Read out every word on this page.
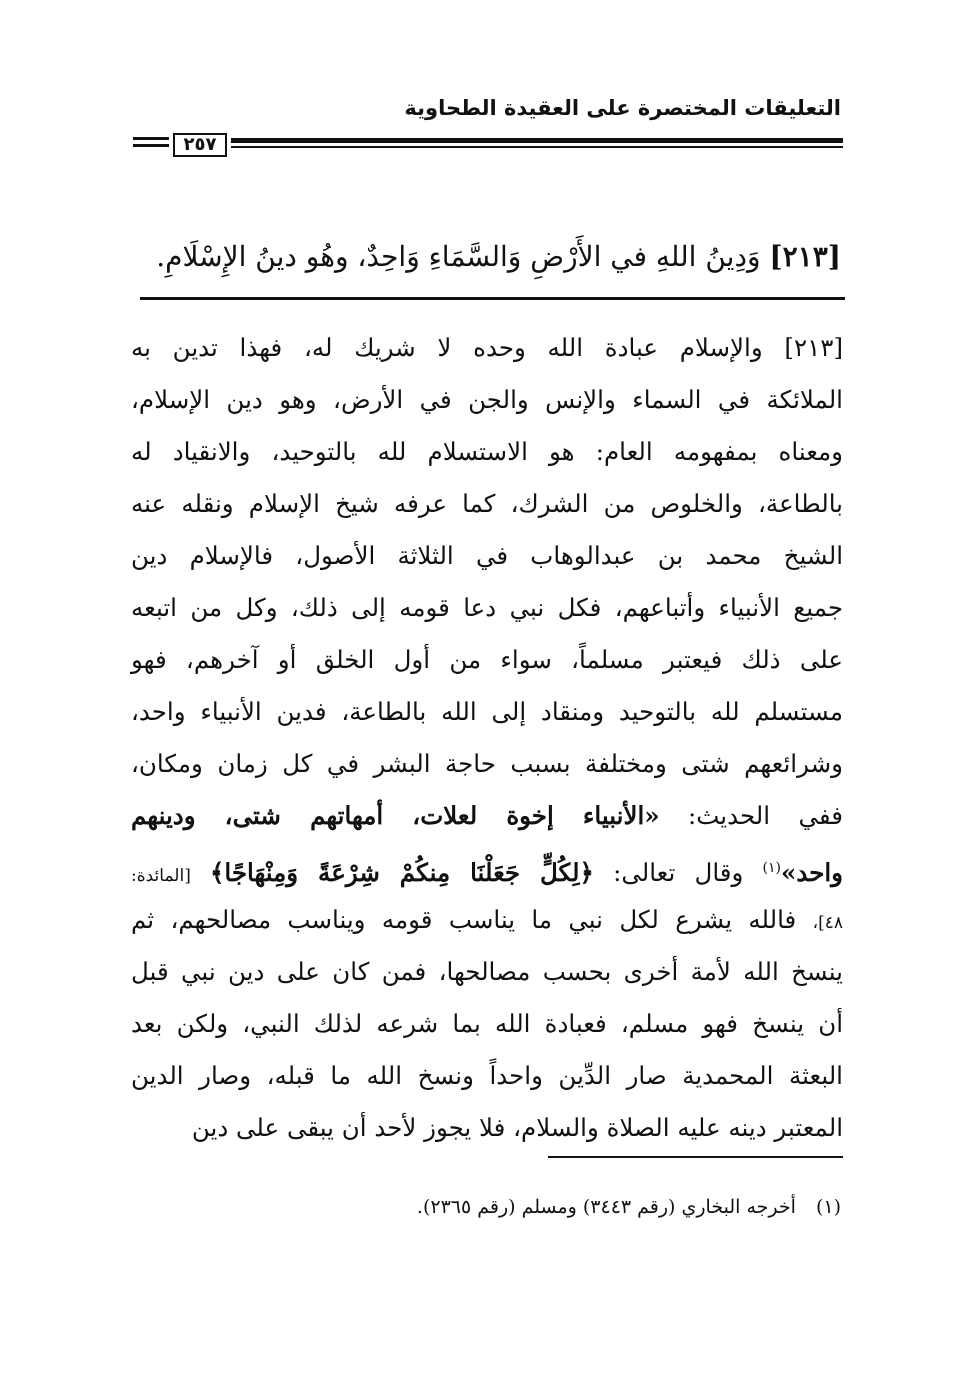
التعليقات المختصرة على العقيدة الطحاوية
٢٥٧
[٢١٣] وَدِينُ اللهِ في الأَرْضِ وَالسَّمَاءِ وَاحِدٌ، وهُو دينُ الإِسْلَامِ.
[٢١٣] والإسلام عبادة الله وحده لا شريك له، فهذا تدين به
الملائكة في السماء والإنس والجن في الأرض، وهو دين الإسلام،
ومعناه بمفهومه العام: هو الاستسلام لله بالتوحيد، والانقياد له
بالطاعة، والخلوص من الشرك، كما عرفه شيخ الإسلام ونقله عنه
الشيخ محمد بن عبدالوهاب في الثلاثة الأصول، فالإسلام دين
جميع الأنبياء وأتباعهم، فكل نبي دعا قومه إلى ذلك، وكل من اتبعه
على ذلك فيعتبر مسلماً، سواء من أول الخلق أو آخرهم، فهو
مستسلم لله بالتوحيد ومنقاد إلى الله بالطاعة، فدين الأنبياء واحد،
وشرائعهم شتى ومختلفة بسبب حاجة البشر في كل زمان ومكان،
ففي الحديث: «الأنبياء إخوة لعلات، أمهاتهم شتى، ودينهم
واحد»$^{(١)}$ وقال تعالى: ﴿لِكُلٍّ جَعَلْنَا مِنكُمْ شِرْعَةً وَمِنْهَاجًا﴾ [المائدة:
٤٨]، فالله يشرع لكل نبي ما يناسب قومه ويناسب مصالحهم، ثم
ينسخ الله لأمة أخرى بحسب مصالحها، فمن كان على دين نبي قبل
أن ينسخ فهو مسلم، فعبادة الله بما شرعه لذلك النبي، ولكن بعد
البعثة المحمدية صار الدِّين واحداً ونسخ الله ما قبله، وصار الدين
المعتبر دينه عليه الصلاة والسلام، فلا يجوز لأحد أن يبقى على دين
(١) أخرجه البخاري (رقم ٣٤٤٣) ومسلم (رقم ٢٣٦٥).
